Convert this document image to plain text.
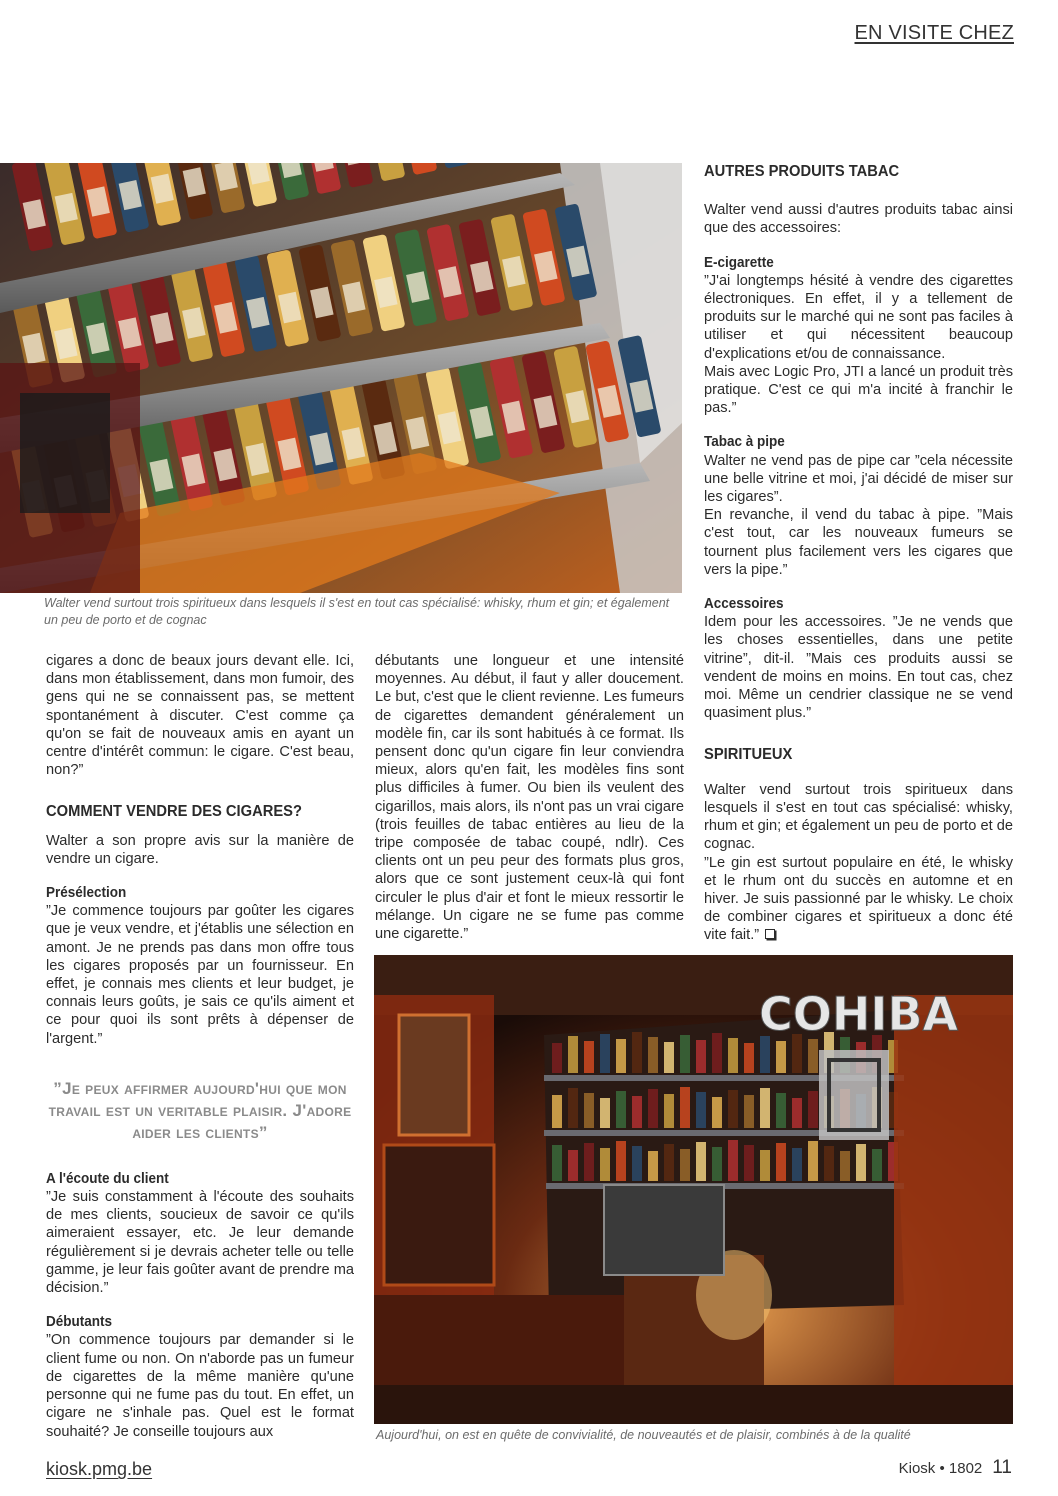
EN VISITE CHEZ

Walter vend surtout trois spiritueux dans lesquels il s'est en tout cas spécialisé: whisky, rhum et gin; et également un peu de porto et de cognac

cigares a donc de beaux jours devant elle. Ici, dans mon établissement, dans mon fumoir, des gens qui ne se connaissent pas, se mettent spontanément à discuter. C'est comme ça qu'on se fait de nouveaux amis en ayant un centre d'intérêt commun: le cigare. C'est beau, non?”

COMMENT VENDRE DES CIGARES?

Walter a son propre avis sur la manière de vendre un cigare.

Présélection

”Je commence toujours par goûter les cigares que je veux vendre, et j'établis une sélection en amont. Je ne prends pas dans mon offre tous les cigares proposés par un fournisseur. En effet, je connais mes clients et leur budget, je connais leurs goûts, je sais ce qu'ils aiment et ce pour quoi ils sont prêts à dépenser de l'argent.”

”Je peux affirmer aujourd'hui que mon travail est un veritable plaisir. J'adore aider les clients”

A l'écoute du client

”Je suis constamment à l'écoute des souhaits de mes clients, soucieux de savoir ce qu'ils aimeraient essayer, etc. Je leur demande régulièrement si je devrais acheter telle ou telle gamme, je leur fais goûter avant de prendre ma décision.”

Débutants

”On commence toujours par demander si le client fume ou non. On n'aborde pas un fumeur de cigarettes de la même manière qu'une personne qui ne fume pas du tout. En effet, un cigare ne s'inhale pas. Quel est le format souhaité? Je conseille toujours aux

débutants une longueur et une intensité moyennes. Au début, il faut y aller doucement. Le but, c'est que le client revienne. Les fumeurs de cigarettes demandent généralement un modèle fin, car ils sont habitués à ce format. Ils pensent donc qu'un cigare fin leur conviendra mieux, alors qu'en fait, les modèles fins sont plus difficiles à fumer. Ou bien ils veulent des cigarillos, mais alors, ils n'ont pas un vrai cigare (trois feuilles de tabac entières au lieu de la tripe composée de tabac coupé, ndlr). Ces clients ont un peu peur des formats plus gros, alors que ce sont justement ceux-là qui font circuler le plus d'air et font le mieux ressortir le mélange. Un cigare ne se fume pas comme une cigarette.”

AUTRES PRODUITS TABAC

Walter vend aussi d'autres produits tabac ainsi que des accessoires:

E-cigarette

”J'ai longtemps hésité à vendre des cigarettes électroniques. En effet, il y a tellement de produits sur le marché qui ne sont pas faciles à utiliser et qui nécessitent beaucoup d'explications et/ou de connaissance.

Mais avec Logic Pro, JTI a lancé un produit très pratique. C'est ce qui m'a incité à franchir le pas.”

Tabac à pipe

Walter ne vend pas de pipe car ”cela nécessite une belle vitrine et moi, j'ai décidé de miser sur les cigares”.

En revanche, il vend du tabac à pipe. ”Mais c'est tout, car les nouveaux fumeurs se tournent plus facilement vers les cigares que vers la pipe.”

Accessoires

Idem pour les accessoires. ”Je ne vends que les choses essentielles, dans une petite vitrine”, dit-il. ”Mais ces produits aussi se vendent de moins en moins. En tout cas, chez moi. Même un cendrier classique ne se vend quasiment plus.”

SPIRITUEUX

Walter vend surtout trois spiritueux dans lesquels il s'est en tout cas spécialisé: whisky, rhum et gin; et également un peu de porto et de cognac.

”Le gin est surtout populaire en été, le whisky et le rhum ont du succès en automne et en hiver. Je suis passionné par le whisky. Le choix de combiner cigares et spiritueux a donc été vite fait.”

COHIBA

Aujourd'hui, on est en quête de convivialité, de nouveautés et de plaisir, combinés à de la qualité

kiosk.pmg.be	Kiosk • 1802 11
